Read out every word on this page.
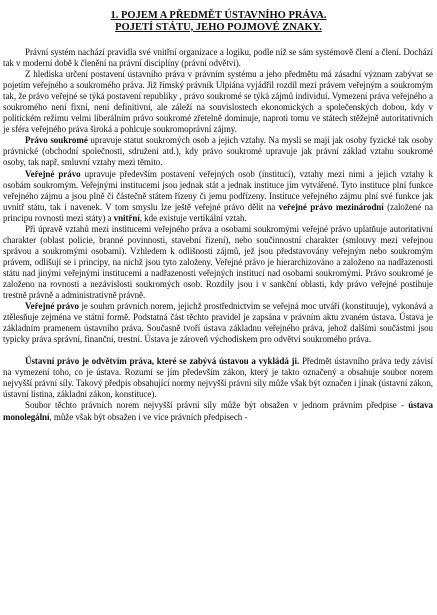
1. POJEM A PŘEDMĚT ÚSTAVNÍHO PRÁVA.

POJETÍ STÁTU, JEHO POJMOVÉ ZNAKY.

Právní systém nachází pravidla své vnitřní organizace a logiku, podle níž se sám systémově člení a člení. Dochází tak v moderní době k členění na právní disciplíny (právní odvětví).

Z hlediska určení postavení ústavního práva v právním systému a jeho předmětu má zásadní význam zabývat se pojetím veřejného a soukromého práva. Již římský právník Ulpiána vyjádřil rozdíl mezi právem veřejným a soukromým tak, že právo veřejné se týká postavení republiky , právo soukromé se týká zájmů individuí. Vymezení práva veřejného a soukromého není fixní, není definitivní, ale záleží na souvislostech ekonomických a společenských dobou, kdy v politickém režimu velmi liberálním právo soukromé zřetelně dominuje, naproti tomu ve státech stěžejně autoritativních je sféra veřejného práva široká a pohlcuje soukromoprávní zájmy.

Právo soukromé upravuje statut soukromých osob a jejich vztahy. Na mysli se mají jak osoby fyzické tak osoby právnické (obchodní společnosti, sdružení atd.), kdy právo soukromé upravuje jak právní základ vztahu soukromé osoby, tak např. smluvní vztahy mezi těmito.

Veřejné právo upravuje především postavení veřejných osob (institucí), vztahy mezi nimi a jejich vztahy k osobám soukromým. Veřejnými institucemi jsou jednak stát a jednak instituce jím vytvářené. Tyto instituce plní funkce veřejného zájmu a jsou plně či částečně státem řízeny či jemu podřízeny. Instituce veřejného zájmu plní své funkce jak uvnitř státu, tak i navenek. V tom smyslu lze ještě veřejné právo dělit na veřejné právo mezinárodní (založené na principu rovnosti mezi státy) a vnitřní, kde existuje vertikální vztah.

Při úpravě vztahů mezi institucemi veřejného práva a osobami soukromými veřejné právo uplatňuje autoritativní charakter (oblast policie, branné povinnosti, stavební řízení), nebo součinnostní charakter (smlouvy mezi veřejnou správou a soukromými osobami). Vzhledem k odlišnosti zájmů, jež jsou představovány veřejným nebo soukromým právem, odlišují se i principy, na nichž jsou tyto založeny. Veřejné právo je hierarchizováno a založeno na nadřazenosti státu nad jinými veřejnými institucemi a nadřazenosti veřejných institucí nad osobami soukromými. Právo soukromé je založeno na rovnosti a nezávislosti soukromých osob. Rozdíly jsou i v sankční oblasti, kdy právo veřejné postihuje trestně právně a administrativně právně.

Veřejné právo je souhrn právních norem, jejichž prostřednictvím se veřejná moc utváří (konstituuje), vykonává a ztělesňuje zejména ve státní formě. Podstatná část těchto pravidel je zapsána v právním aktu zvaném ústava. Ústava je základním pramenem ústavního práva. Současně tvoří ústava základnu veřejného práva, jehož dalšími součástmi jsou typicky práva správní, finanční, trestní. Ústava je zároveň východiskem pro odvětví soukromého práva.

Ústavní právo je odvětvím práva, které se zabývá ústavou a vykládá ji. Předmět ústavního práva tedy závisí na vymezení toho, co je ústava. Rozumí se jím především zákon, který je takto označený a obsahuje soubor norem nejvyšší právní síly. Takový předpis obsahující normy nejvyšší právní síly může však být označen i jinak (ústavní zákon, ústavní listina, základní zákon, konstituce).

Soubor těchto právních norem nejvyšší právní síly může být obsažen v jednom právním předpise - ústava monolegální, může však být obsažen i ve více právních předpisech -
